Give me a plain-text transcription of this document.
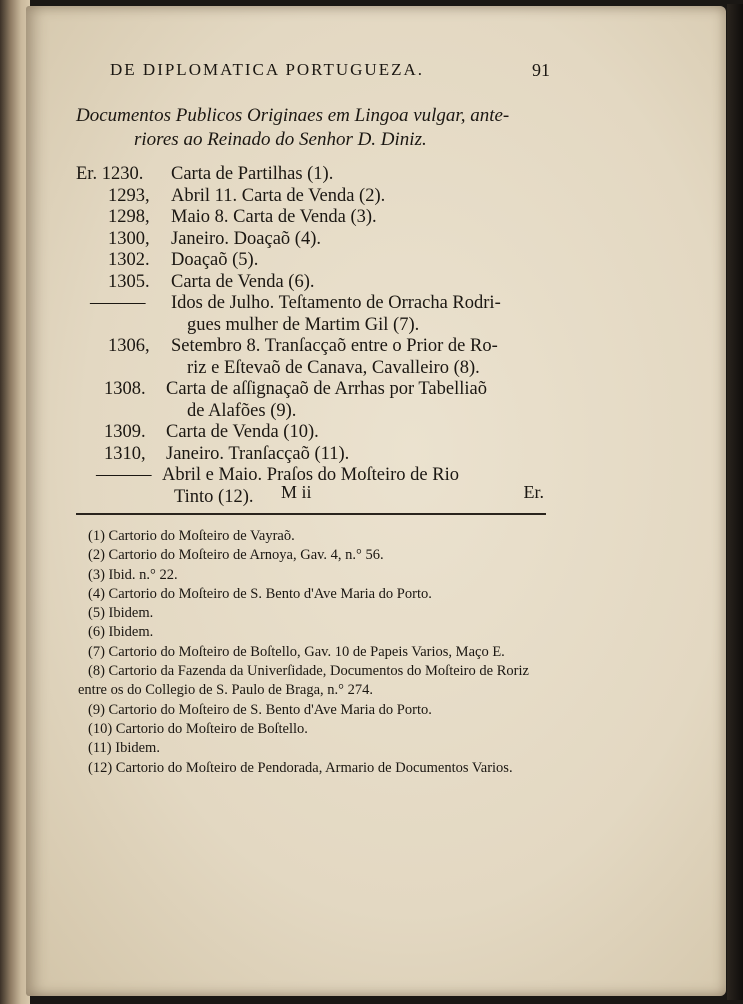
DE DIPLOMATICA PORTUGUEZA.	91
Documentos Publicos Originaes em Lingoa vulgar, ante-
riores ao Reinado do Senhor D. Diniz.
Er. 1230. Carta de Partilhas (1).
1293, Abril 11. Carta de Venda (2).
1298, Maio 8. Carta de Venda (3).
1300, Janeiro. Doaçaõ (4).
1302. Doaçaõ (5).
1305. Carta de Venda (6).
——— Idos de Julho. Teſtamento de Orracha Rodri-
gues mulher de Martim Gil (7).
1306, Setembro 8. Tranſacçaõ entre o Prior de Ro-
riz e Eſtevaõ de Canava, Cavalleiro (8).
1308. Carta de aſſignaçaõ de Arrhas por Tabelliaõ
de Alafões (9).
1309. Carta de Venda (10).
1310, Janeiro. Tranſacçaõ (11).
——— Abril e Maio. Praſos do Moſteiro de Rio
Tinto (12).	M ii	Er.
(1) Cartorio do Moſteiro de Vayraõ.
(2) Cartorio do Moſteiro de Arnoya, Gav. 4, n.° 56.
(3) Ibid. n.° 22.
(4) Cartorio do Moſteiro de S. Bento d'Ave Maria do Porto.
(5) Ibidem.
(6) Ibidem.
(7) Cartorio do Moſteiro de Boſtello, Gav. 10 de Papeis Varios, Maço E.
(8) Cartorio da Fazenda da Univerſidade, Documentos do Moſteiro de Roriz entre os do Collegio de S. Paulo de Braga, n.° 274.
(9) Cartorio do Moſteiro de S. Bento d'Ave Maria do Porto.
(10) Cartorio do Moſteiro de Boſtello.
(11) Ibidem.
(12) Cartorio do Moſteiro de Pendorada, Armario de Documentos Varios.
